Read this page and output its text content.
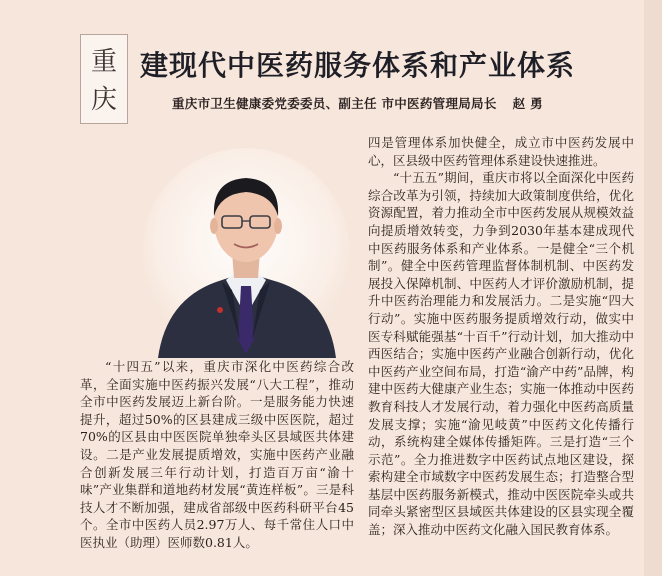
重
庆
建现代中医药服务体系和产业体系
重庆市卫生健康委党委委员、副主任 市中医药管理局局长 赵 勇

“十四五”以来，重庆市深化中医药综合改革，全面实施中医药振兴发展“八大工程”，推动全市中医药发展迈上新台阶。一是服务能力快速提升，超过50%的区县建成三级中医医院，超过70%的区县由中医医院单独牵头区县域医共体建设。二是产业发展提质增效，实施中医药产业融合创新发展三年行动计划，打造百万亩“渝十味”产业集群和道地药材发展“黄连样板”。三是科技人才不断加强，建成省部级中医药科研平台45个。全市中医药人员2.97万人、每千常住人口中医执业（助理）医师数0.81人。

四是管理体系加快健全，成立市中医药发展中心，区县级中医药管理体系建设快速推进。

“十五五”期间，重庆市将以全面深化中医药综合改革为引领，持续加大政策制度供给，优化资源配置，着力推动全市中医药发展从规模效益向提质增效转变，力争到2030年基本建成现代中医药服务体系和产业体系。一是健全“三个机制”。健全中医药管理监督体制机制、中医药发展投入保障机制、中医药人才评价激励机制，提升中医药治理能力和发展活力。二是实施“四大行动”。实施中医药服务提质增效行动，做实中医专科赋能强基“十百千”行动计划，加大推动中西医结合；实施中医药产业融合创新行动，优化中医药产业空间布局，打造“渝产中药”品牌，构建中医药大健康产业生态；实施一体推动中医药教育科技人才发展行动，着力强化中医药高质量发展支撑；实施“渝见岐黄”中医药文化传播行动，系统构建全媒体传播矩阵。三是打造“三个示范”。全力推进数字中医药试点地区建设，探索构建全市域数字中医药发展生态；打造整合型基层中医药服务新模式，推动中医医院牵头或共同牵头紧密型区县域医共体建设的区县实现全覆盖；深入推动中医药文化融入国民教育体系。
